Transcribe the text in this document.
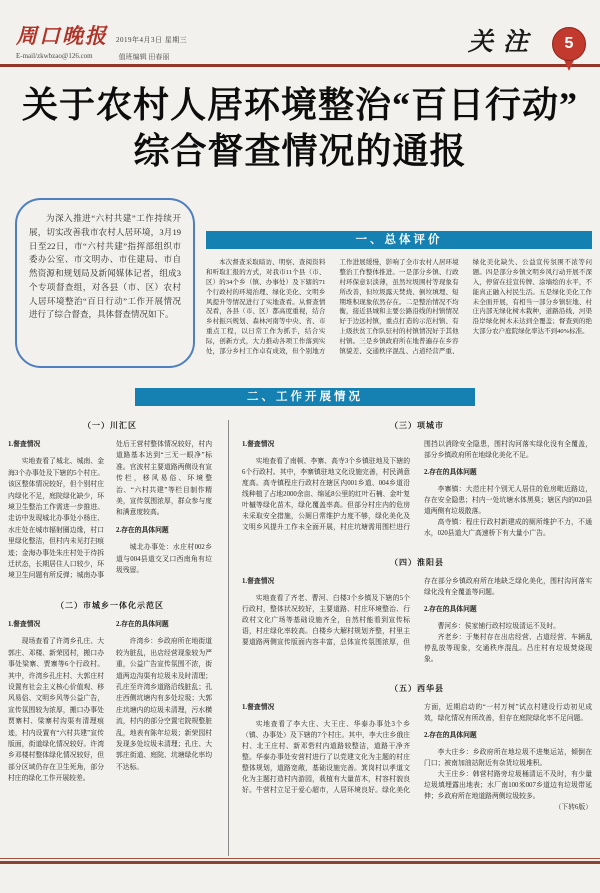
周口晚报 2019年4月3日 星期三
E-mail/zkwbzao@126.com	值班编辑 田春丽
关注	5
关于农村人居环境整治“百日行动”
综合督查情况的通报

为深入推进“六村共建”工作持续开展，切实改善我市农村人居环境，3月19日至22日，市“六村共建”指挥部组织市委办公室、市文明办、市住建局、市自然资源和规划局及新闻媒体记者，组成3个专项督查组，对各县（市、区）农村人居环境整治“百日行动”工作开展情况进行了综合督查，具体督查情况如下。

一、总体评价

本次督查采取暗访、明察、查阅资料和听取汇报的方式，对我市11个县（市、区）的34个乡（镇、办事处）及下辖的71个行政村的环境治理、绿化美化、文明乡风提升等情况进行了实地查看。从督查情况看，各县（市、区）都高度重视，结合乡村振兴规划、森林河南等中央、省、市重点工程，以日常工作为抓手，结合实际，创新方式，大力推动各项工作落到实处，部分乡村工作卓有成效，但个别地方工作进展缓慢，影响了全市农村人居环境整治工作整体推进。一是部分乡镇、行政村环保意识淡薄，虽然垃圾围村等现象有所改善，但垃圾露天焚烧、倒垃填埋、短期堆积现象依然存在。二是整治情况不均衡，接近县城和主要公路沿线的村镇情况好于边远村镇，重点打造的示范村镇、有上级扶贫工作队驻村的村镇情况好于其他村镇。三是乡镇政府所在地普遍存在乡容镇貌差、交通秩序混乱、占道经营严重、绿化美化缺失、公益宣传氛围不浓等问题。四是部分乡镇文明乡风行动开展不深入，停留在挂宣传牌、涂墙绘的水平，不能真正融入村民生活。五是绿化美化工作未全面开展，有相当一部分乡镇驻地、村庄内部无绿化树木栽种，道路沿线、河渠沿岸绿化树木未达到全覆盖；督查到的绝大部分农户庭院绿化率达不到40%标准。

二、工作开展情况
（一）川汇区
1.督查情况

实地查看了城北、城南、金海3个办事处及下辖的5个村庄。该区整体情况较好，但个别村庄内绿化不足，庭院绿化缺少，环境卫生整治工作需进一步推进。走访中发现城北办事处小杨庄、水庄处在城市辐射圈边缘，村口里绿化整洁，但村内未见打扫痕迹；金海办事处朱庄村处于待拆迁状态，长期居住人口较少，环境卫生问题有所反弹；城南办事处后王营村整体情况较好，村内道路基本达到“三无一眼净”标准。官波村主要道路两侧设有宣传栏，移风易俗、环境整治、“六村共建”等栏目制作精美，宣传氛围浓厚，群众参与度和满意度较高。

2.存在的具体问题

城北办事处：水庄村002乡道与004县道交叉口西南角有垃圾残留。

（二）市城乡一体化示范区
1.督查情况

现场查看了许湾乡孔庄、大郭庄、邓楼、新荣园村，搬口办事处梁寨、贾寨等6个行政村。其中，许湾乡孔庄村、大郭庄村设置有社会主义核心价值观、移风易俗、文明乡风等公益广告，宣传氛围较为浓厚，搬口办事处贾寨村、梁寨村沟渠有清理痕迹，村内设置有“六村共建”宣传版面，街道绿化情况较好。许湾乡邓楼村整体绿化情况较好，但部分区域仍存在卫生死角，部分村庄的绿化工作开展较差。

2.存在的具体问题

许湾乡：乡政府所在地街道较为脏乱，出店经营现象较为严重，公益广告宣传氛围不浓，街道两边沟渠有垃圾未及时清理；孔庄至许湾乡道路沿线脏乱；孔庄西侧坑塘内有多处垃圾；大郭庄坑塘内的垃圾未清理，污水横流，村内的部分空置宅院规整脏乱，地表有陈年垃圾；新荣园村发现多处垃圾未清理；孔庄、大郭庄街道、庭院、坑塘绿化率均不达标。

（三）项城市
1.督查情况

实地查看了南顿、李寨、高寺3个乡镇驻地及下辖的6个行政村。其中，李寨镇驻地文化设施完善，村民满意度高。高寺镇程庄行政村在辖区内001乡道、004乡道沿线种植了占地2000余亩、绵延8公里的红叶石楠、金叶复叶槭等绿化苗木，绿化覆盖率高。但部分村庄内的危房未采取安全措施，公厕日常维护力度不够，绿化美化及文明乡风提升工作未全面开展，村庄坑塘需用围栏进行围挡以消除安全隐患，围村沟河落实绿化没有全覆盖，部分乡镇政府所在地绿化美化不足。

2.存在的具体问题

李寨镇：大范庄村个别无人居住的危房毗近路边，存在安全隐患；村内一处坑塘水体黑臭；辖区内的020县道两侧有垃圾散落。

高寺镇：程庄行政村新建成的厕所维护不力，不通水，020县道大广高速桥下有大量小广告。

（四）淮阳县
1.督查情况

实地查看了齐老、曹河、白楼3个乡镇及下辖的5个行政村，整体状况较好，主要道路、村庄环境整治、行政村文化广场等基础设施齐全，自然村能看到宣传标语，村庄绿化率较高。白楼乡大解村规划齐整，村里主要道路两侧宣传版面内容丰富，总体宣传氛围浓厚，但存在部分乡镇政府所在地缺乏绿化美化，围村沟河落实绿化没有全覆盖等问题。

2.存在的具体问题

曹河乡：侯家铺行政村垃圾清运不及时。

齐老乡：于集村存在出店经营、占道经营、车辆乱停乱放等现象，交通秩序混乱。吕庄村有垃圾焚烧现象。

（五）西华县
1.督查情况

实地查看了李大庄、大王庄、华泰办事处3个乡（镇、办事处）及下辖的7个村庄。其中，李大庄乡俄庄村、北王庄村、新邓砦村内道路较整洁，道路干净齐整。华泰办事处安营村进行了以党建文化为主题的村庄整体规划，道路宽敞，基础设施完善。箕岗村以孝道文化为主题打造村内游园，栽植有大量苗木，村容村貌良好。牛营村立足于爱心超市，人居环境良好。绿化美化方面，近期启动的“一村万树”试点村建设行动初见成效，绿化情况有所改善，但存在庭院绿化率不足问题。

2.存在的具体问题

李大庄乡：乡政府所在地垃圾不进集运站，倾倒在门口；被南加油站附近有杂货垃圾堆积。

大王庄乡：韩营村路旁垃圾桶清运不及时，有少量垃圾填埋露出地表；水厂南100米007乡道边有垃圾带延伸；乡政府所在地道路两侧垃圾较多。

（下转6版）
